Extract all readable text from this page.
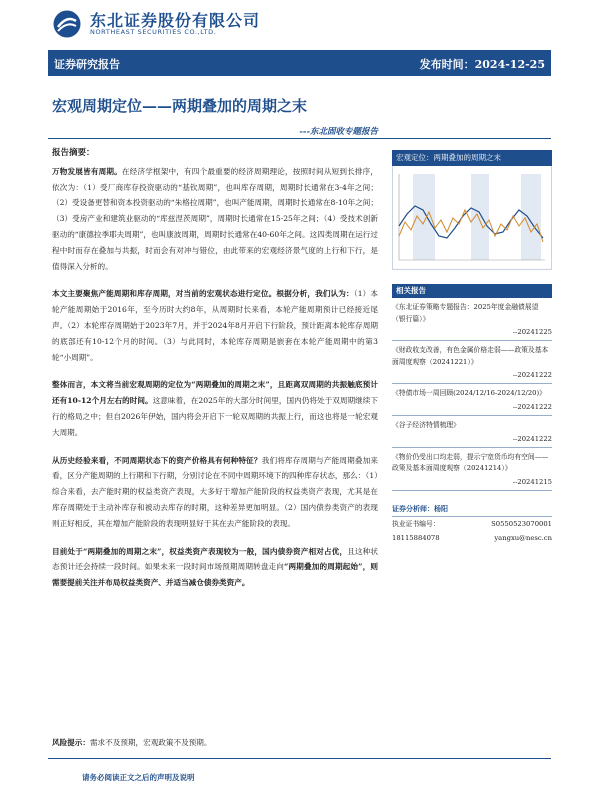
东北证券股份有限公司
NORTHEAST SECURITIES CO.,LTD.
证券研究报告	发布时间：2024-12-25
宏观周期定位——两期叠加的周期之末
---东北固收专题报告

报告摘要：

万物发展皆有周期。在经济学框架中，有四个最重要的经济周期理论，按照时间从短到长排序，依次为：（1）受厂商库存投资驱动的“基钦周期”，也叫库存周期，周期时长通常在3-4年之间；（2）受设备更替和资本投资驱动的“朱格拉周期”，也叫产能周期，周期时长通常在8-10年之间；（3）受房产业和建筑业驱动的“库兹涅茨周期”，周期时长通常在15-25年之间；（4）受技术创新驱动的“康德拉季耶夫周期”，也叫康波周期，周期时长通常在40-60年之间。这四类周期在运行过程中时而存在叠加与共振，时而会有对冲与错位，由此带来的宏观经济景气度的上行和下行，是值得深入分析的。

本文主要聚焦产能周期和库存周期，对当前的宏观状态进行定位。根据分析，我们认为：（1）本轮产能周期始于2016年，至今历时大约8年，从周期时长来看，本轮产能周期预计已经接近尾声。（2）本轮库存周期始于2023年7月，并于2024年8月开启下行阶段，预计距离本轮库存周期的底部还有10-12个月的时间。（3）与此同时，本轮库存周期是嵌套在本轮产能周期中的第3轮“小周期”。

整体而言，本文将当前宏观周期的定位为“两期叠加的周期之末”，且距离双周期的共振触底预计还有10-12个月左右的时间。这意味着，在2025年的大部分时间里，国内仍将处于双周期继续下行的格局之中；但自2026年伊始，国内将会开启下一轮双周期的共振上行，而这也将是一轮宏观大周期。

从历史经验来看，不同周期状态下的资产价格具有何种特征？我们将库存周期与产能周期叠加来看，区分产能周期的上行期和下行期，分别讨论在不同中周期环境下的四种库存状态，那么：（1）综合来看，去产能时期的权益类资产表现，大多好于增加产能阶段的权益类资产表现，尤其是在库存周期处于主动补库存和被动去库存的时期，这种差异更加明显。（2）国内债券类资产的表现则正好相反，其在增加产能阶段的表现明显好于其在去产能阶段的表现。

目前处于“两期叠加的周期之末”，权益类资产表现较为一般，国内债券资产相对占优，且这种状态预计还会持续一段时间。如果未来一段时间市场预期周期转盘走向“两期叠加的周期起始”，则需要提前关注并布局权益类资产、并适当减仓债券类资产。

风险提示：需求不及预期，宏观政策不及预期。
宏观定位：两期叠加的周期之末
相关报告
《东北证券策略专题报告：2025年度金融债展望（银行篇）》
--20241225
《财政收支改善，有色金属价格走弱——政策及基本面周度观察（20241221）》
--20241222
《特债市场一周回顾(2024/12/16-2024/12/20)》
--20241222
《谷子经济特情梳理》
--20241222
《物价仍受出口均走弱，提示宁宽货币均有空间——政策及基本面周度观察（20241214）》
--20241215
证券分析师：杨阳
执业证书编号：	S0550523070001
18115884078	yangxu@nesc.cn
请务必阅读正文之后的声明及说明
